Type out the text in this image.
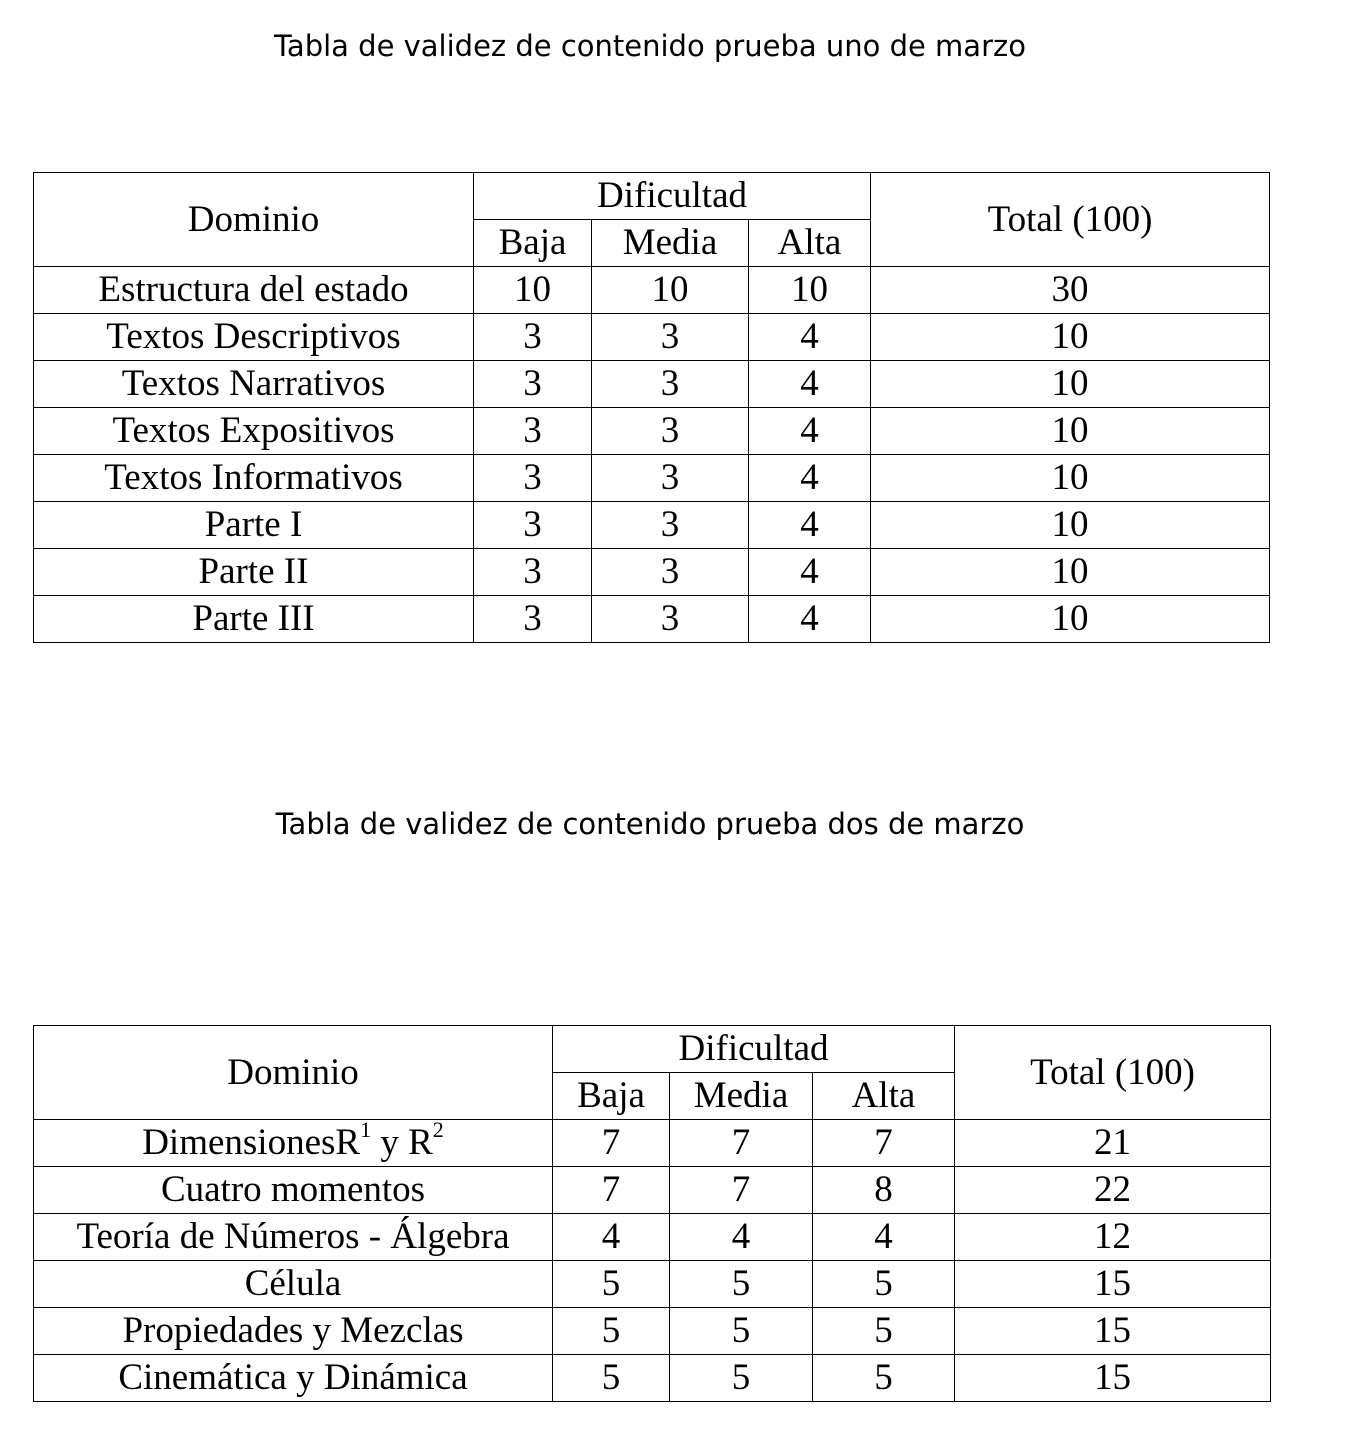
Tabla de validez de contenido prueba uno de marzo

Dominio	Dificultad			Total (100)
	Baja	Media	Alta	
Estructura del estado	10	10	10	30
Textos Descriptivos	3	3	4	10
Textos Narrativos	3	3	4	10
Textos Expositivos	3	3	4	10
Textos Informativos	3	3	4	10
Parte I	3	3	4	10
Parte II	3	3	4	10
Parte III	3	3	4	10

Tabla de validez de contenido prueba dos de marzo

Dominio	Dificultad			Total (100)
	Baja	Media	Alta	
DimensionesR$^1$ y $R^2$	7	7	7	21
Cuatro momentos	7	7	8	22
Teoría de Números - Álgebra	4	4	4	12
Célula	5	5	5	15
Propiedades y Mezclas	5	5	5	15
Cinemática y Dinámica	5	5	5	15
